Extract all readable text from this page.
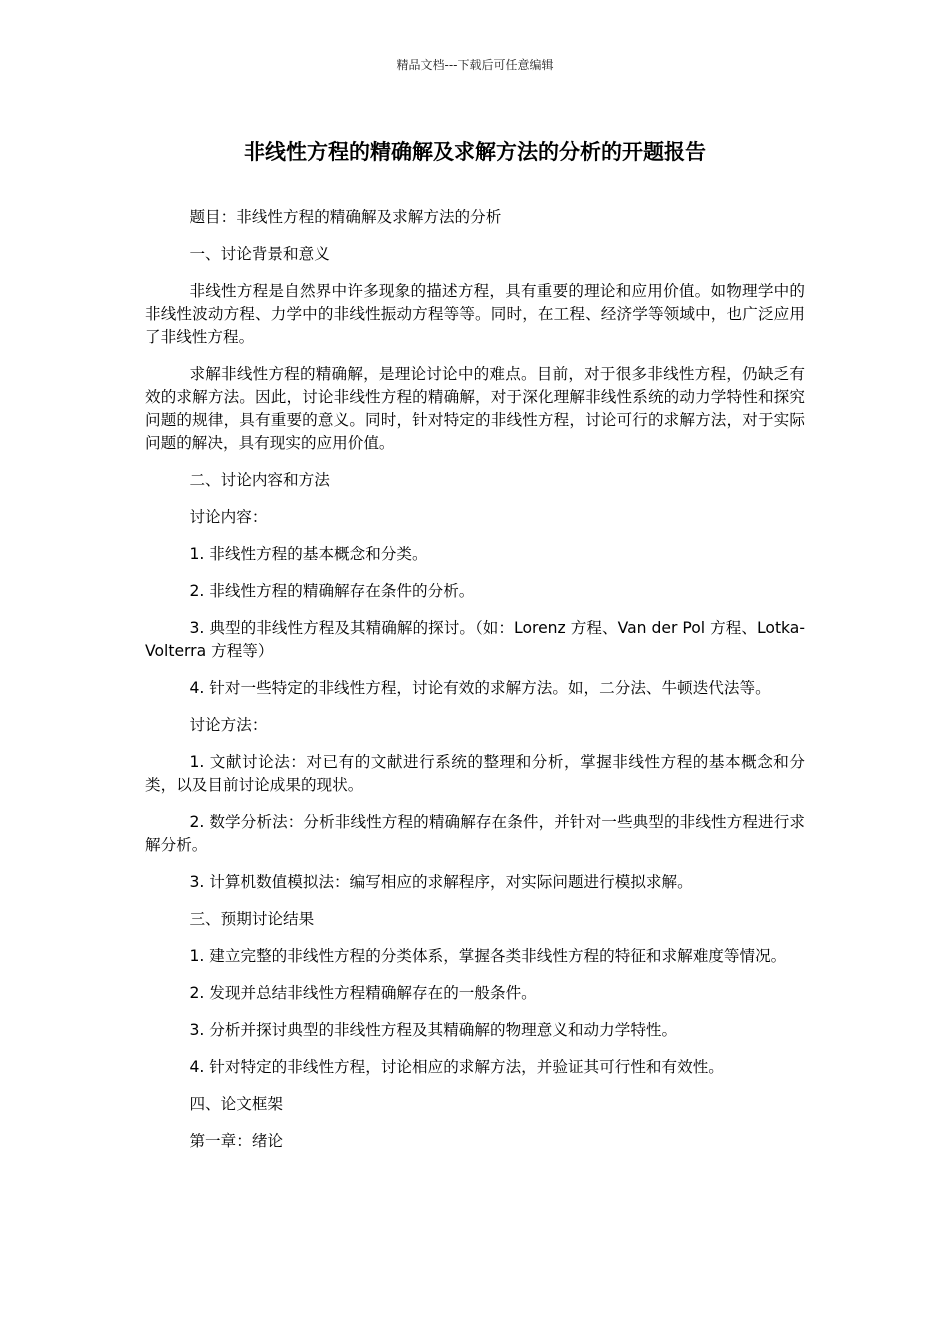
精品文档---下载后可任意编辑
非线性方程的精确解及求解方法的分析的开题报告

题目：非线性方程的精确解及求解方法的分析

一、讨论背景和意义

非线性方程是自然界中许多现象的描述方程，具有重要的理论和应用价值。如物理学中的非线性波动方程、力学中的非线性振动方程等等。同时，在工程、经济学等领域中，也广泛应用了非线性方程。

求解非线性方程的精确解，是理论讨论中的难点。目前，对于很多非线性方程，仍缺乏有效的求解方法。因此，讨论非线性方程的精确解，对于深化理解非线性系统的动力学特性和探究问题的规律，具有重要的意义。同时，针对特定的非线性方程，讨论可行的求解方法，对于实际问题的解决，具有现实的应用价值。

二、讨论内容和方法

讨论内容：

1. 非线性方程的基本概念和分类。

2. 非线性方程的精确解存在条件的分析。

3. 典型的非线性方程及其精确解的探讨。（如：Lorenz 方程、Van der Pol 方程、Lotka-Volterra 方程等）

4. 针对一些特定的非线性方程，讨论有效的求解方法。如，二分法、牛顿迭代法等。

讨论方法：

1. 文献讨论法：对已有的文献进行系统的整理和分析，掌握非线性方程的基本概念和分类，以及目前讨论成果的现状。

2. 数学分析法：分析非线性方程的精确解存在条件，并针对一些典型的非线性方程进行求解分析。

3. 计算机数值模拟法：编写相应的求解程序，对实际问题进行模拟求解。

三、预期讨论结果

1. 建立完整的非线性方程的分类体系，掌握各类非线性方程的特征和求解难度等情况。

2. 发现并总结非线性方程精确解存在的一般条件。

3. 分析并探讨典型的非线性方程及其精确解的物理意义和动力学特性。

4. 针对特定的非线性方程，讨论相应的求解方法，并验证其可行性和有效性。

四、论文框架

第一章：绪论
